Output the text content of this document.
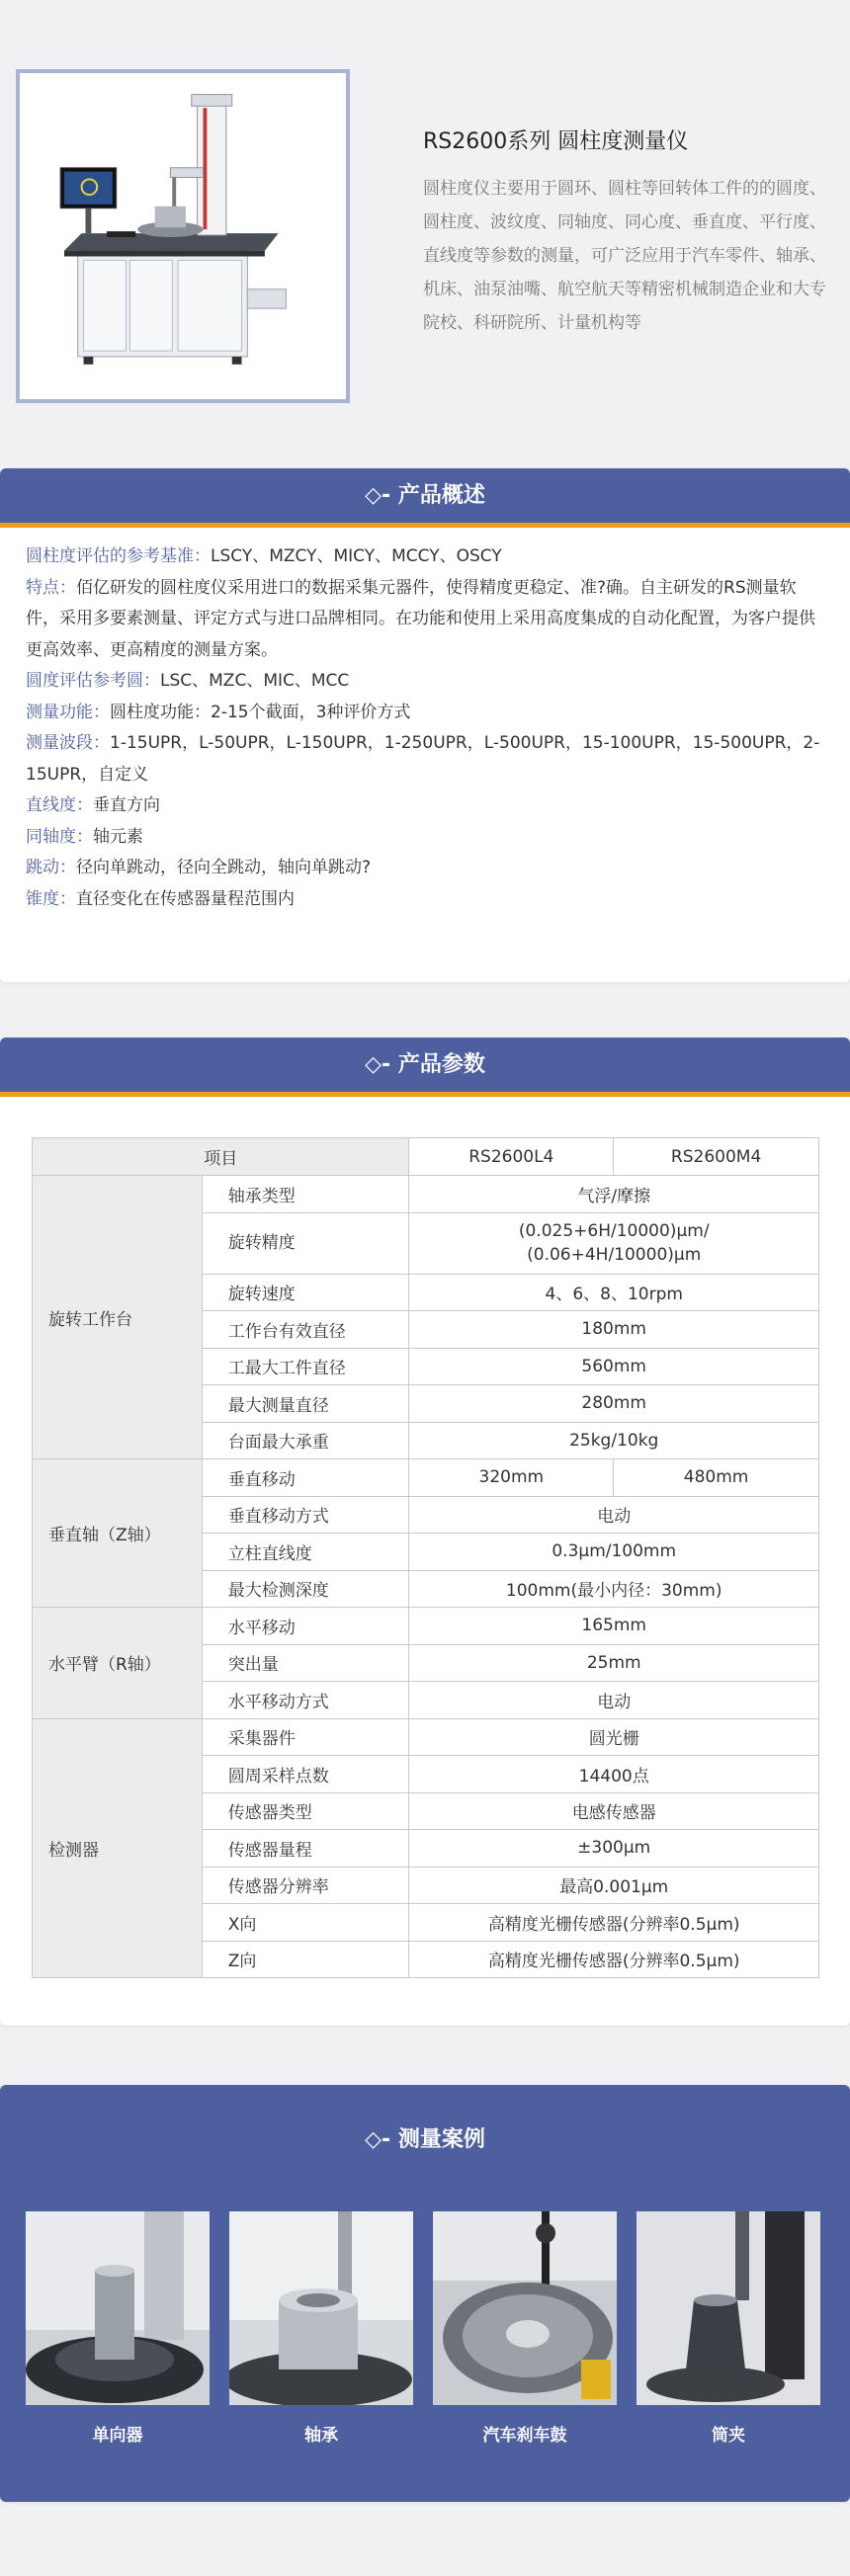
RS2600系列 圆柱度测量仪
圆柱度仪主要用于圆环、圆柱等回转体工件的的圆度、圆柱度、波纹度、同轴度、同心度、垂直度、平行度、直线度等参数的测量，可广泛应用于汽车零件、轴承、机床、油泵油嘴、航空航天等精密机械制造企业和大专院校、科研院所、计量机构等
◇- 产品概述
圆柱度评估的参考基准：LSCY、MZCY、MICY、MCCY、OSCY
特点：佰亿研发的圆柱度仪采用进口的数据采集元器件，使得精度更稳定、准?确。自主研发的RS测量软件，采用多要素测量、评定方式与进口品牌相同。在功能和使用上采用高度集成的自动化配置，为客户提供更高效率、更高精度的测量方案。
圆度评估参考圆：LSC、MZC、MIC、MCC
测量功能：圆柱度功能：2-15个截面，3种评价方式
测量波段：1-15UPR，L-50UPR，L-150UPR，1-250UPR，L-500UPR，15-100UPR，15-500UPR，2-15UPR，自定义
直线度：垂直方向
同轴度：轴元素
跳动：径向单跳动，径向全跳动，轴向单跳动?
锥度：直径变化在传感器量程范围内
◇- 产品参数
项目		RS2600L4	RS2600M4
旋转工作台	轴承类型	气浮/摩擦	
	旋转精度	(0.025+6H/10000)μm/
(0.06+4H/10000)μm	
	旋转速度	4、6、8、10rpm	
	工作台有效直径	180mm	
	工最大工件直径	560mm	
	最大测量直径	280mm	
	台面最大承重	25kg/10kg	
垂直轴（Z轴）	垂直移动	320mm	480mm
	垂直移动方式	电动	
	立柱直线度	0.3μm/100mm	
	最大检测深度	100mm(最小内径：30mm)	
水平臂（R轴）	水平移动	165mm	
	突出量	25mm	
	水平移动方式	电动	
检测器	采集器件	圆光栅	
	圆周采样点数	14400点	
	传感器类型	电感传感器	
	传感器量程	±300μm	
	传感器分辨率	最高0.001μm	
	X向	高精度光栅传感器(分辨率0.5μm)	
	Z向	高精度光栅传感器(分辨率0.5μm)	
◇- 测量案例
单向器	轴承	汽车刹车鼓	筒夹
